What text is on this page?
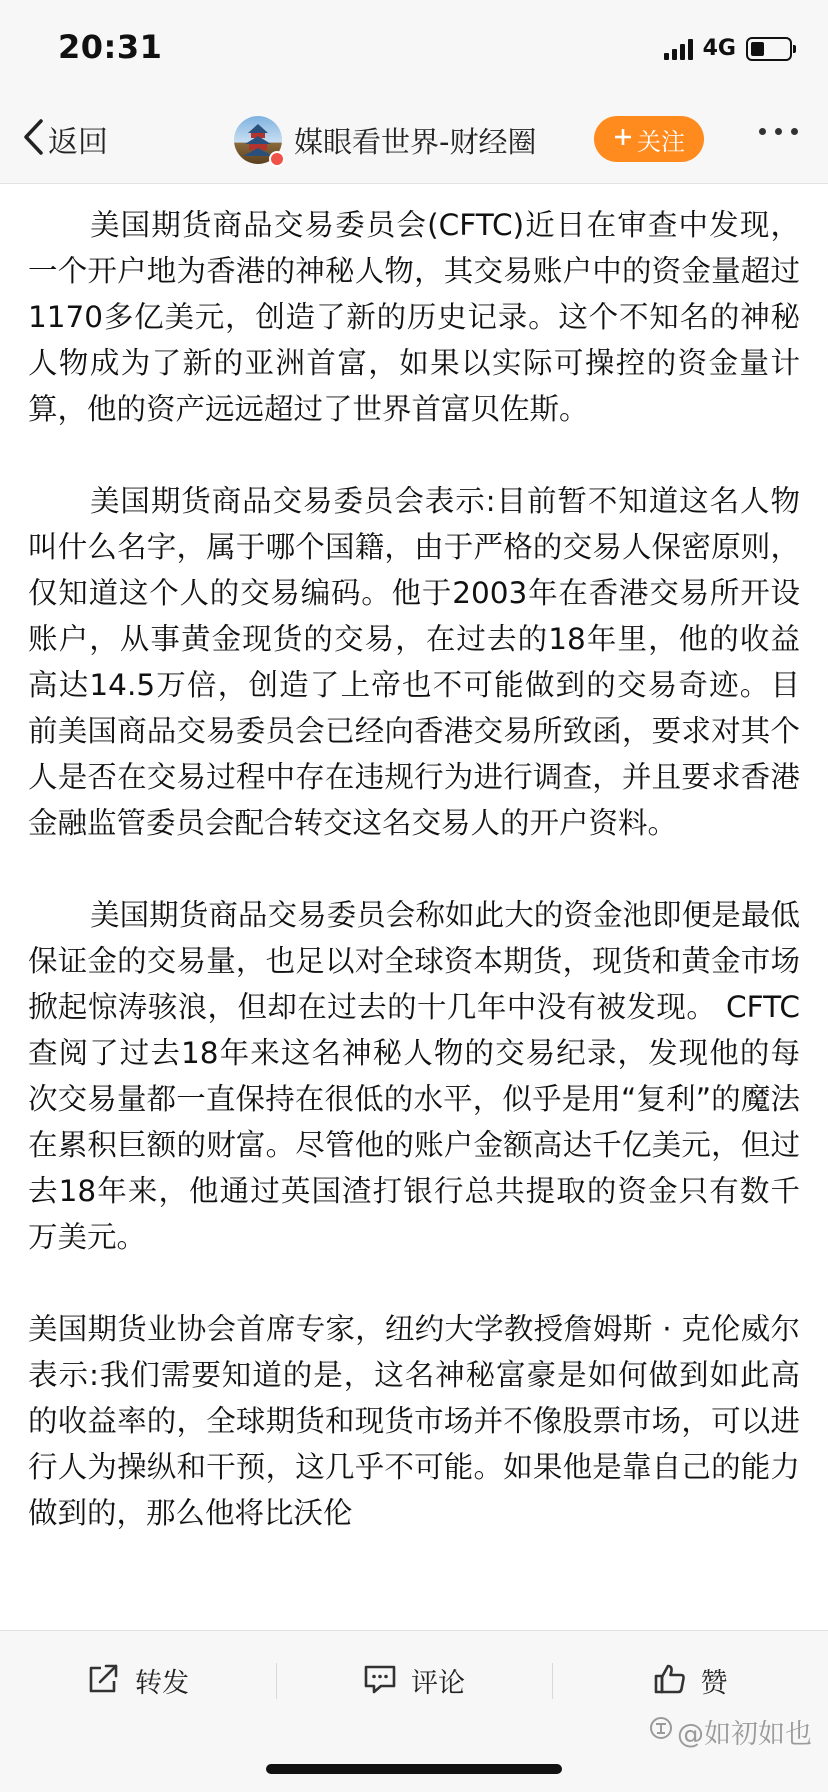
20:31	4G
返回	媒眼看世界-财经圈	关注

美国期货商品交易委员会(CFTC)近日在审查中发现，一个开户地为香港的神秘人物，其交易账户中的资金量超过1170多亿美元，创造了新的历史记录。这个不知名的神秘人物成为了新的亚洲首富，如果以实际可操控的资金量计算，他的资产远远超过了世界首富贝佐斯。

美国期货商品交易委员会表示:目前暂不知道这名人物叫什么名字，属于哪个国籍，由于严格的交易人保密原则，仅知道这个人的交易编码。他于2003年在香港交易所开设账户，从事黄金现货的交易，在过去的18年里，他的收益高达14.5万倍，创造了上帝也不可能做到的交易奇迹。目前美国商品交易委员会已经向香港交易所致函，要求对其个人是否在交易过程中存在违规行为进行调查，并且要求香港金融监管委员会配合转交这名交易人的开户资料。

美国期货商品交易委员会称如此大的资金池即便是最低保证金的交易量，也足以对全球资本期货，现货和黄金市场掀起惊涛骇浪，但却在过去的十几年中没有被发现。 CFTC查阅了过去18年来这名神秘人物的交易纪录，发现他的每次交易量都一直保持在很低的水平，似乎是用“复利”的魔法在累积巨额的财富。尽管他的账户金额高达千亿美元，但过去18年来，他通过英国渣打银行总共提取的资金只有数千万美元。

美国期货业协会首席专家，纽约大学教授詹姆斯 · 克伦威尔表示:我们需要知道的是，这名神秘富豪是如何做到如此高的收益率的，全球期货和现货市场并不像股票市场，可以进行人为操纵和干预，这几乎不可能。如果他是靠自己的能力做到的，那么他将比沃伦

转发	评论	赞
@如初如也
